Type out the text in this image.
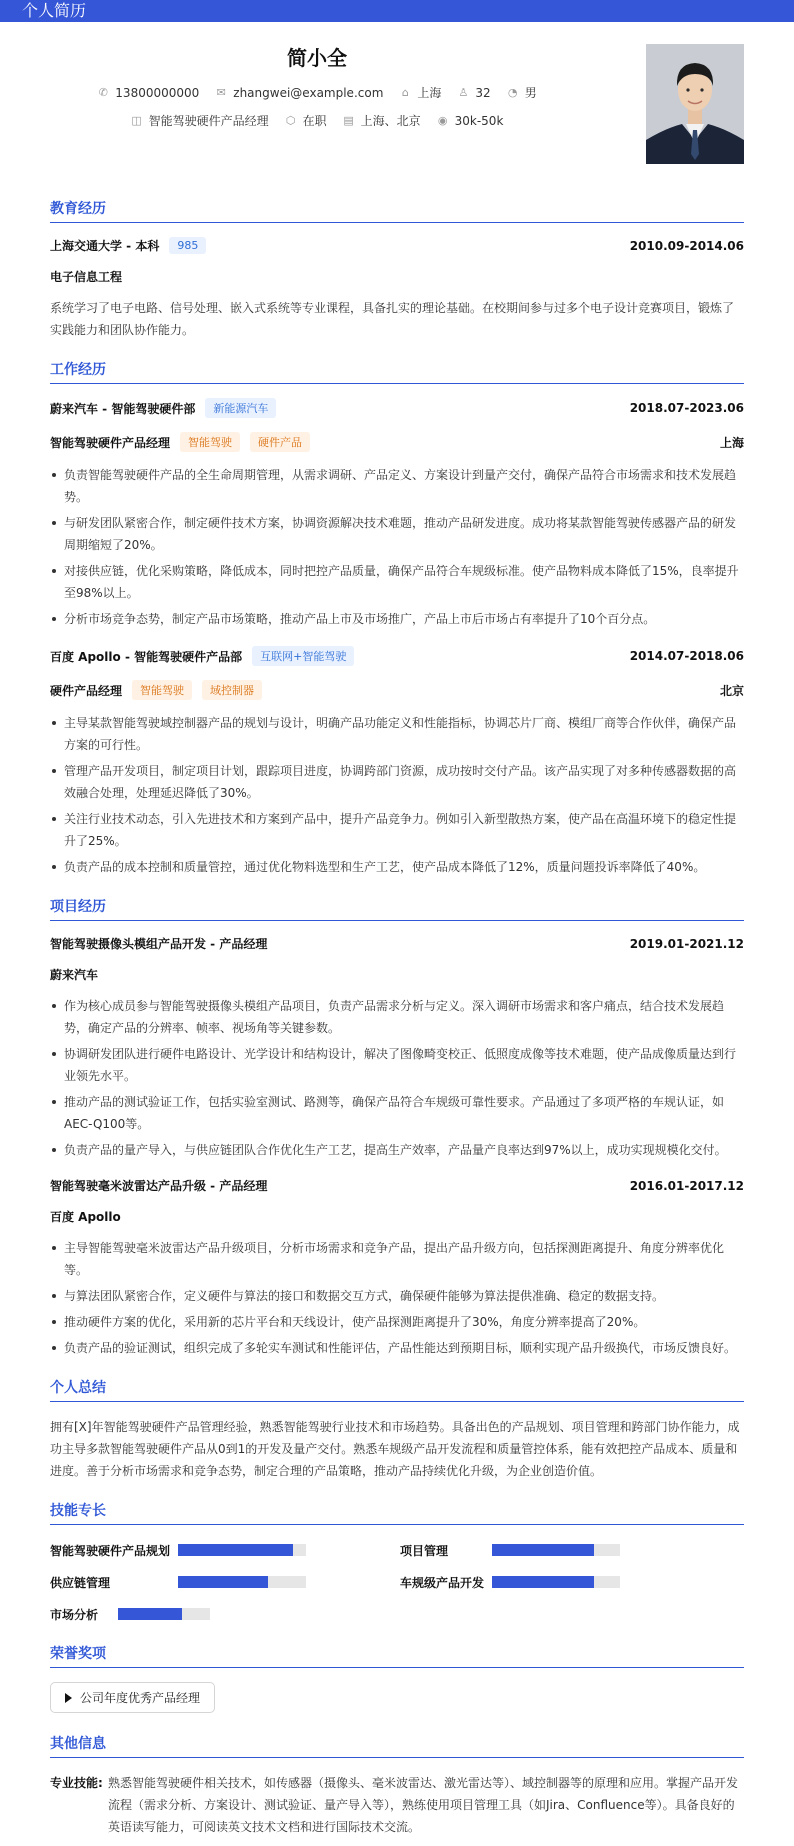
个人简历
简小全
✆ 13800000000 ✉ zhangwei@example.com ⌂ 上海 ♙ 32 ◔ 男
◫ 智能驾驶硬件产品经理 ⬡ 在职 ▤ 上海、北京 ◉ 30k-50k
教育经历
上海交通大学 - 本科	985	2010.09-2014.06
电子信息工程
系统学习了电子电路、信号处理、嵌入式系统等专业课程，具备扎实的理论基础。在校期间参与过多个电子设计竞赛项目，锻炼了实践能力和团队协作能力。
工作经历
蔚来汽车 - 智能驾驶硬件部	新能源汽车	2018.07-2023.06
智能驾驶硬件产品经理	智能驾驶	硬件产品	上海
负责智能驾驶硬件产品的全生命周期管理，从需求调研、产品定义、方案设计到量产交付，确保产品符合市场需求和技术发展趋势。
与研发团队紧密合作，制定硬件技术方案，协调资源解决技术难题，推动产品研发进度。成功将某款智能驾驶传感器产品的研发周期缩短了20%。
对接供应链，优化采购策略，降低成本，同时把控产品质量，确保产品符合车规级标准。使产品物料成本降低了15%，良率提升至98%以上。
分析市场竞争态势，制定产品市场策略，推动产品上市及市场推广，产品上市后市场占有率提升了10个百分点。
百度 Apollo - 智能驾驶硬件产品部	互联网+智能驾驶	2014.07-2018.06
硬件产品经理	智能驾驶	域控制器	北京
主导某款智能驾驶域控制器产品的规划与设计，明确产品功能定义和性能指标，协调芯片厂商、模组厂商等合作伙伴，确保产品方案的可行性。
管理产品开发项目，制定项目计划，跟踪项目进度，协调跨部门资源，成功按时交付产品。该产品实现了对多种传感器数据的高效融合处理，处理延迟降低了30%。
关注行业技术动态，引入先进技术和方案到产品中，提升产品竞争力。例如引入新型散热方案，使产品在高温环境下的稳定性提升了25%。
负责产品的成本控制和质量管控，通过优化物料选型和生产工艺，使产品成本降低了12%，质量问题投诉率降低了40%。
项目经历
智能驾驶摄像头模组产品开发 - 产品经理	2019.01-2021.12
蔚来汽车
作为核心成员参与智能驾驶摄像头模组产品项目，负责产品需求分析与定义。深入调研市场需求和客户痛点，结合技术发展趋势，确定产品的分辨率、帧率、视场角等关键参数。
协调研发团队进行硬件电路设计、光学设计和结构设计，解决了图像畸变校正、低照度成像等技术难题，使产品成像质量达到行业领先水平。
推动产品的测试验证工作，包括实验室测试、路测等，确保产品符合车规级可靠性要求。产品通过了多项严格的车规认证，如AEC-Q100等。
负责产品的量产导入，与供应链团队合作优化生产工艺，提高生产效率，产品量产良率达到97%以上，成功实现规模化交付。
智能驾驶毫米波雷达产品升级 - 产品经理	2016.01-2017.12
百度 Apollo
主导智能驾驶毫米波雷达产品升级项目，分析市场需求和竞争产品，提出产品升级方向，包括探测距离提升、角度分辨率优化等。
与算法团队紧密合作，定义硬件与算法的接口和数据交互方式，确保硬件能够为算法提供准确、稳定的数据支持。
推动硬件方案的优化，采用新的芯片平台和天线设计，使产品探测距离提升了30%，角度分辨率提高了20%。
负责产品的验证测试，组织完成了多轮实车测试和性能评估，产品性能达到预期目标，顺利实现产品升级换代，市场反馈良好。
个人总结
拥有[X]年智能驾驶硬件产品管理经验，熟悉智能驾驶行业技术和市场趋势。具备出色的产品规划、项目管理和跨部门协作能力，成功主导多款智能驾驶硬件产品从0到1的开发及量产交付。熟悉车规级产品开发流程和质量管控体系，能有效把控产品成本、质量和进度。善于分析市场需求和竞争态势，制定合理的产品策略，推动产品持续优化升级，为企业创造价值。
技能专长
智能驾驶硬件产品规划	项目管理
供应链管理	车规级产品开发
市场分析
荣誉奖项
公司年度优秀产品经理
其他信息
专业技能: 熟悉智能驾驶硬件相关技术，如传感器（摄像头、毫米波雷达、激光雷达等）、域控制器等的原理和应用。掌握产品开发流程（需求分析、方案设计、测试验证、量产导入等），熟练使用项目管理工具（如Jira、Confluence等）。具备良好的英语读写能力，可阅读英文技术文档和进行国际技术交流。
